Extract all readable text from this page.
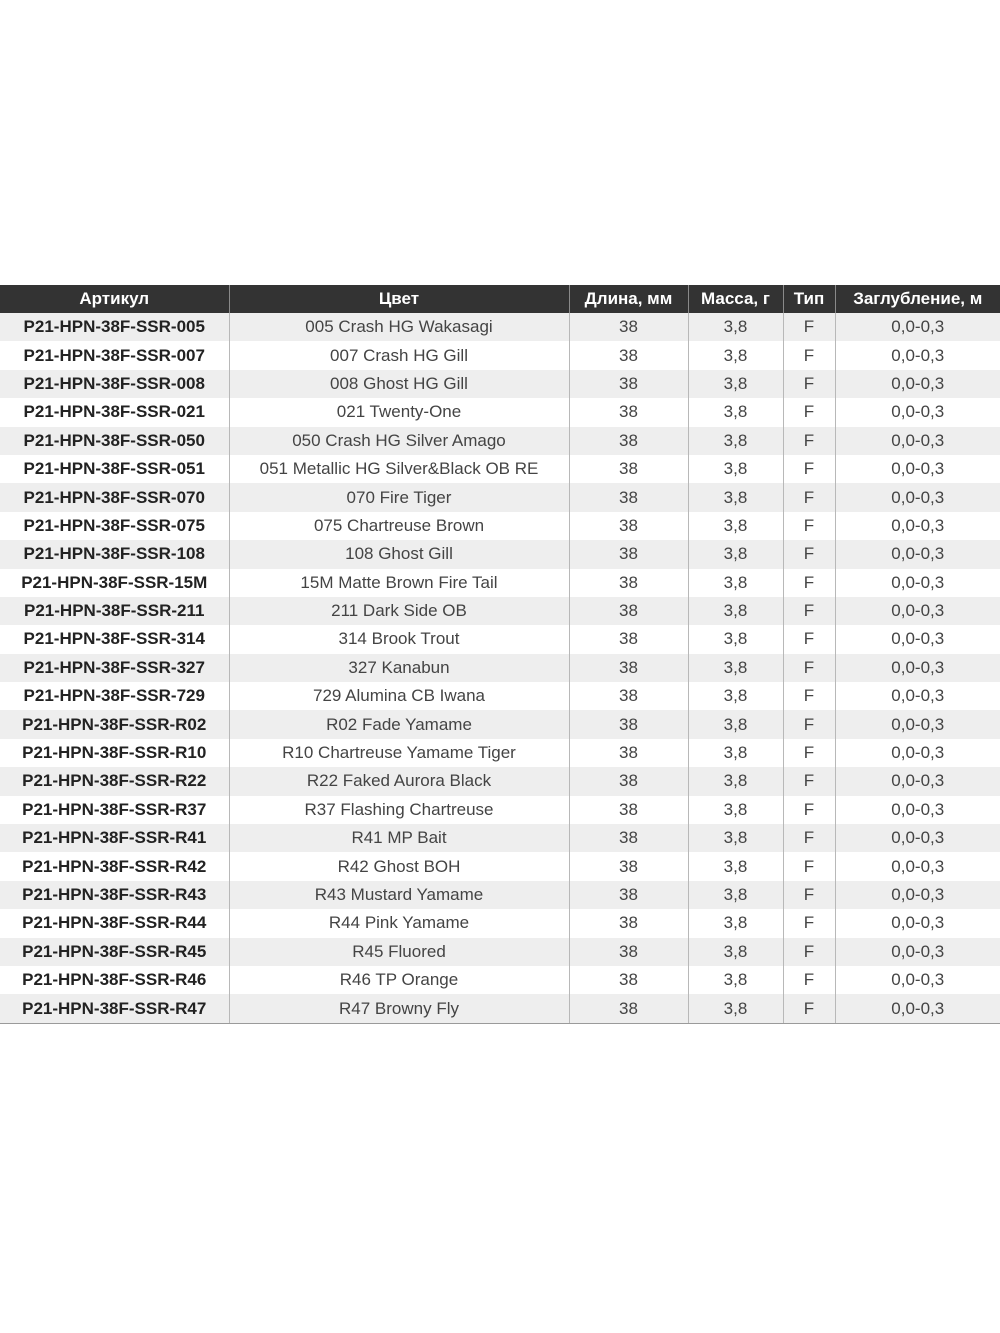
Артикул	Цвет	Длина, мм	Масса, г	Тип	Заглубление, м
P21-HPN-38F-SSR-005	005 Crash HG Wakasagi	38	3,8	F	0,0-0,3
P21-HPN-38F-SSR-007	007 Crash HG Gill	38	3,8	F	0,0-0,3
P21-HPN-38F-SSR-008	008 Ghost HG Gill	38	3,8	F	0,0-0,3
P21-HPN-38F-SSR-021	021 Twenty-One	38	3,8	F	0,0-0,3
P21-HPN-38F-SSR-050	050 Crash HG Silver Amago	38	3,8	F	0,0-0,3
P21-HPN-38F-SSR-051	051 Metallic HG Silver&Black OB RE	38	3,8	F	0,0-0,3
P21-HPN-38F-SSR-070	070 Fire Tiger	38	3,8	F	0,0-0,3
P21-HPN-38F-SSR-075	075 Chartreuse Brown	38	3,8	F	0,0-0,3
P21-HPN-38F-SSR-108	108 Ghost Gill	38	3,8	F	0,0-0,3
P21-HPN-38F-SSR-15M	15M Matte Brown Fire Tail	38	3,8	F	0,0-0,3
P21-HPN-38F-SSR-211	211 Dark Side OB	38	3,8	F	0,0-0,3
P21-HPN-38F-SSR-314	314 Brook Trout	38	3,8	F	0,0-0,3
P21-HPN-38F-SSR-327	327 Kanabun	38	3,8	F	0,0-0,3
P21-HPN-38F-SSR-729	729 Alumina CB Iwana	38	3,8	F	0,0-0,3
P21-HPN-38F-SSR-R02	R02 Fade Yamame	38	3,8	F	0,0-0,3
P21-HPN-38F-SSR-R10	R10 Chartreuse Yamame Tiger	38	3,8	F	0,0-0,3
P21-HPN-38F-SSR-R22	R22 Faked Aurora Black	38	3,8	F	0,0-0,3
P21-HPN-38F-SSR-R37	R37 Flashing Chartreuse	38	3,8	F	0,0-0,3
P21-HPN-38F-SSR-R41	R41 MP Bait	38	3,8	F	0,0-0,3
P21-HPN-38F-SSR-R42	R42 Ghost BOH	38	3,8	F	0,0-0,3
P21-HPN-38F-SSR-R43	R43 Mustard Yamame	38	3,8	F	0,0-0,3
P21-HPN-38F-SSR-R44	R44 Pink Yamame	38	3,8	F	0,0-0,3
P21-HPN-38F-SSR-R45	R45 Fluored	38	3,8	F	0,0-0,3
P21-HPN-38F-SSR-R46	R46 TP Orange	38	3,8	F	0,0-0,3
P21-HPN-38F-SSR-R47	R47 Browny Fly	38	3,8	F	0,0-0,3
